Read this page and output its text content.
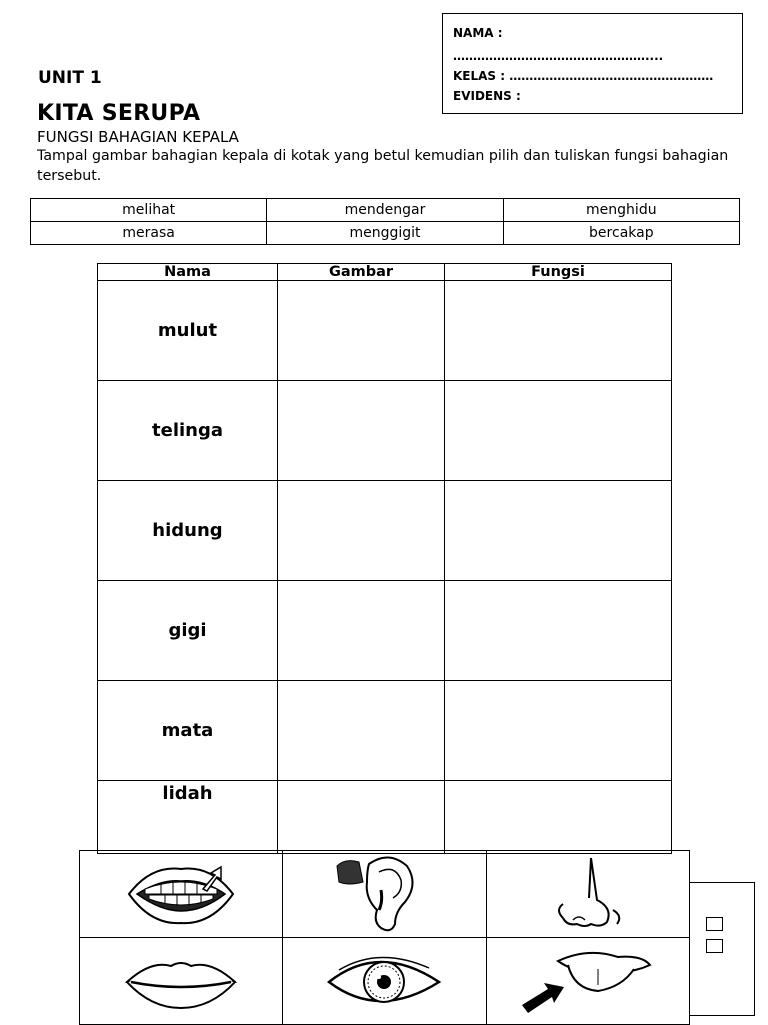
NAMA :
…………………………………………....
KELAS : ……………………………………………
EVIDENS :
UNIT 1
KITA SERUPA
FUNGSI BAHAGIAN KEPALA
Tampal gambar bahagian kepala di kotak yang betul kemudian pilih dan tuliskan fungsi bahagian tersebut.
melihat	mendengar	menghidu
merasa	menggigit	bercakap
Nama	Gambar	Fungsi
mulut		
telinga		
hidung		
gigi		
mata		
lidah		
